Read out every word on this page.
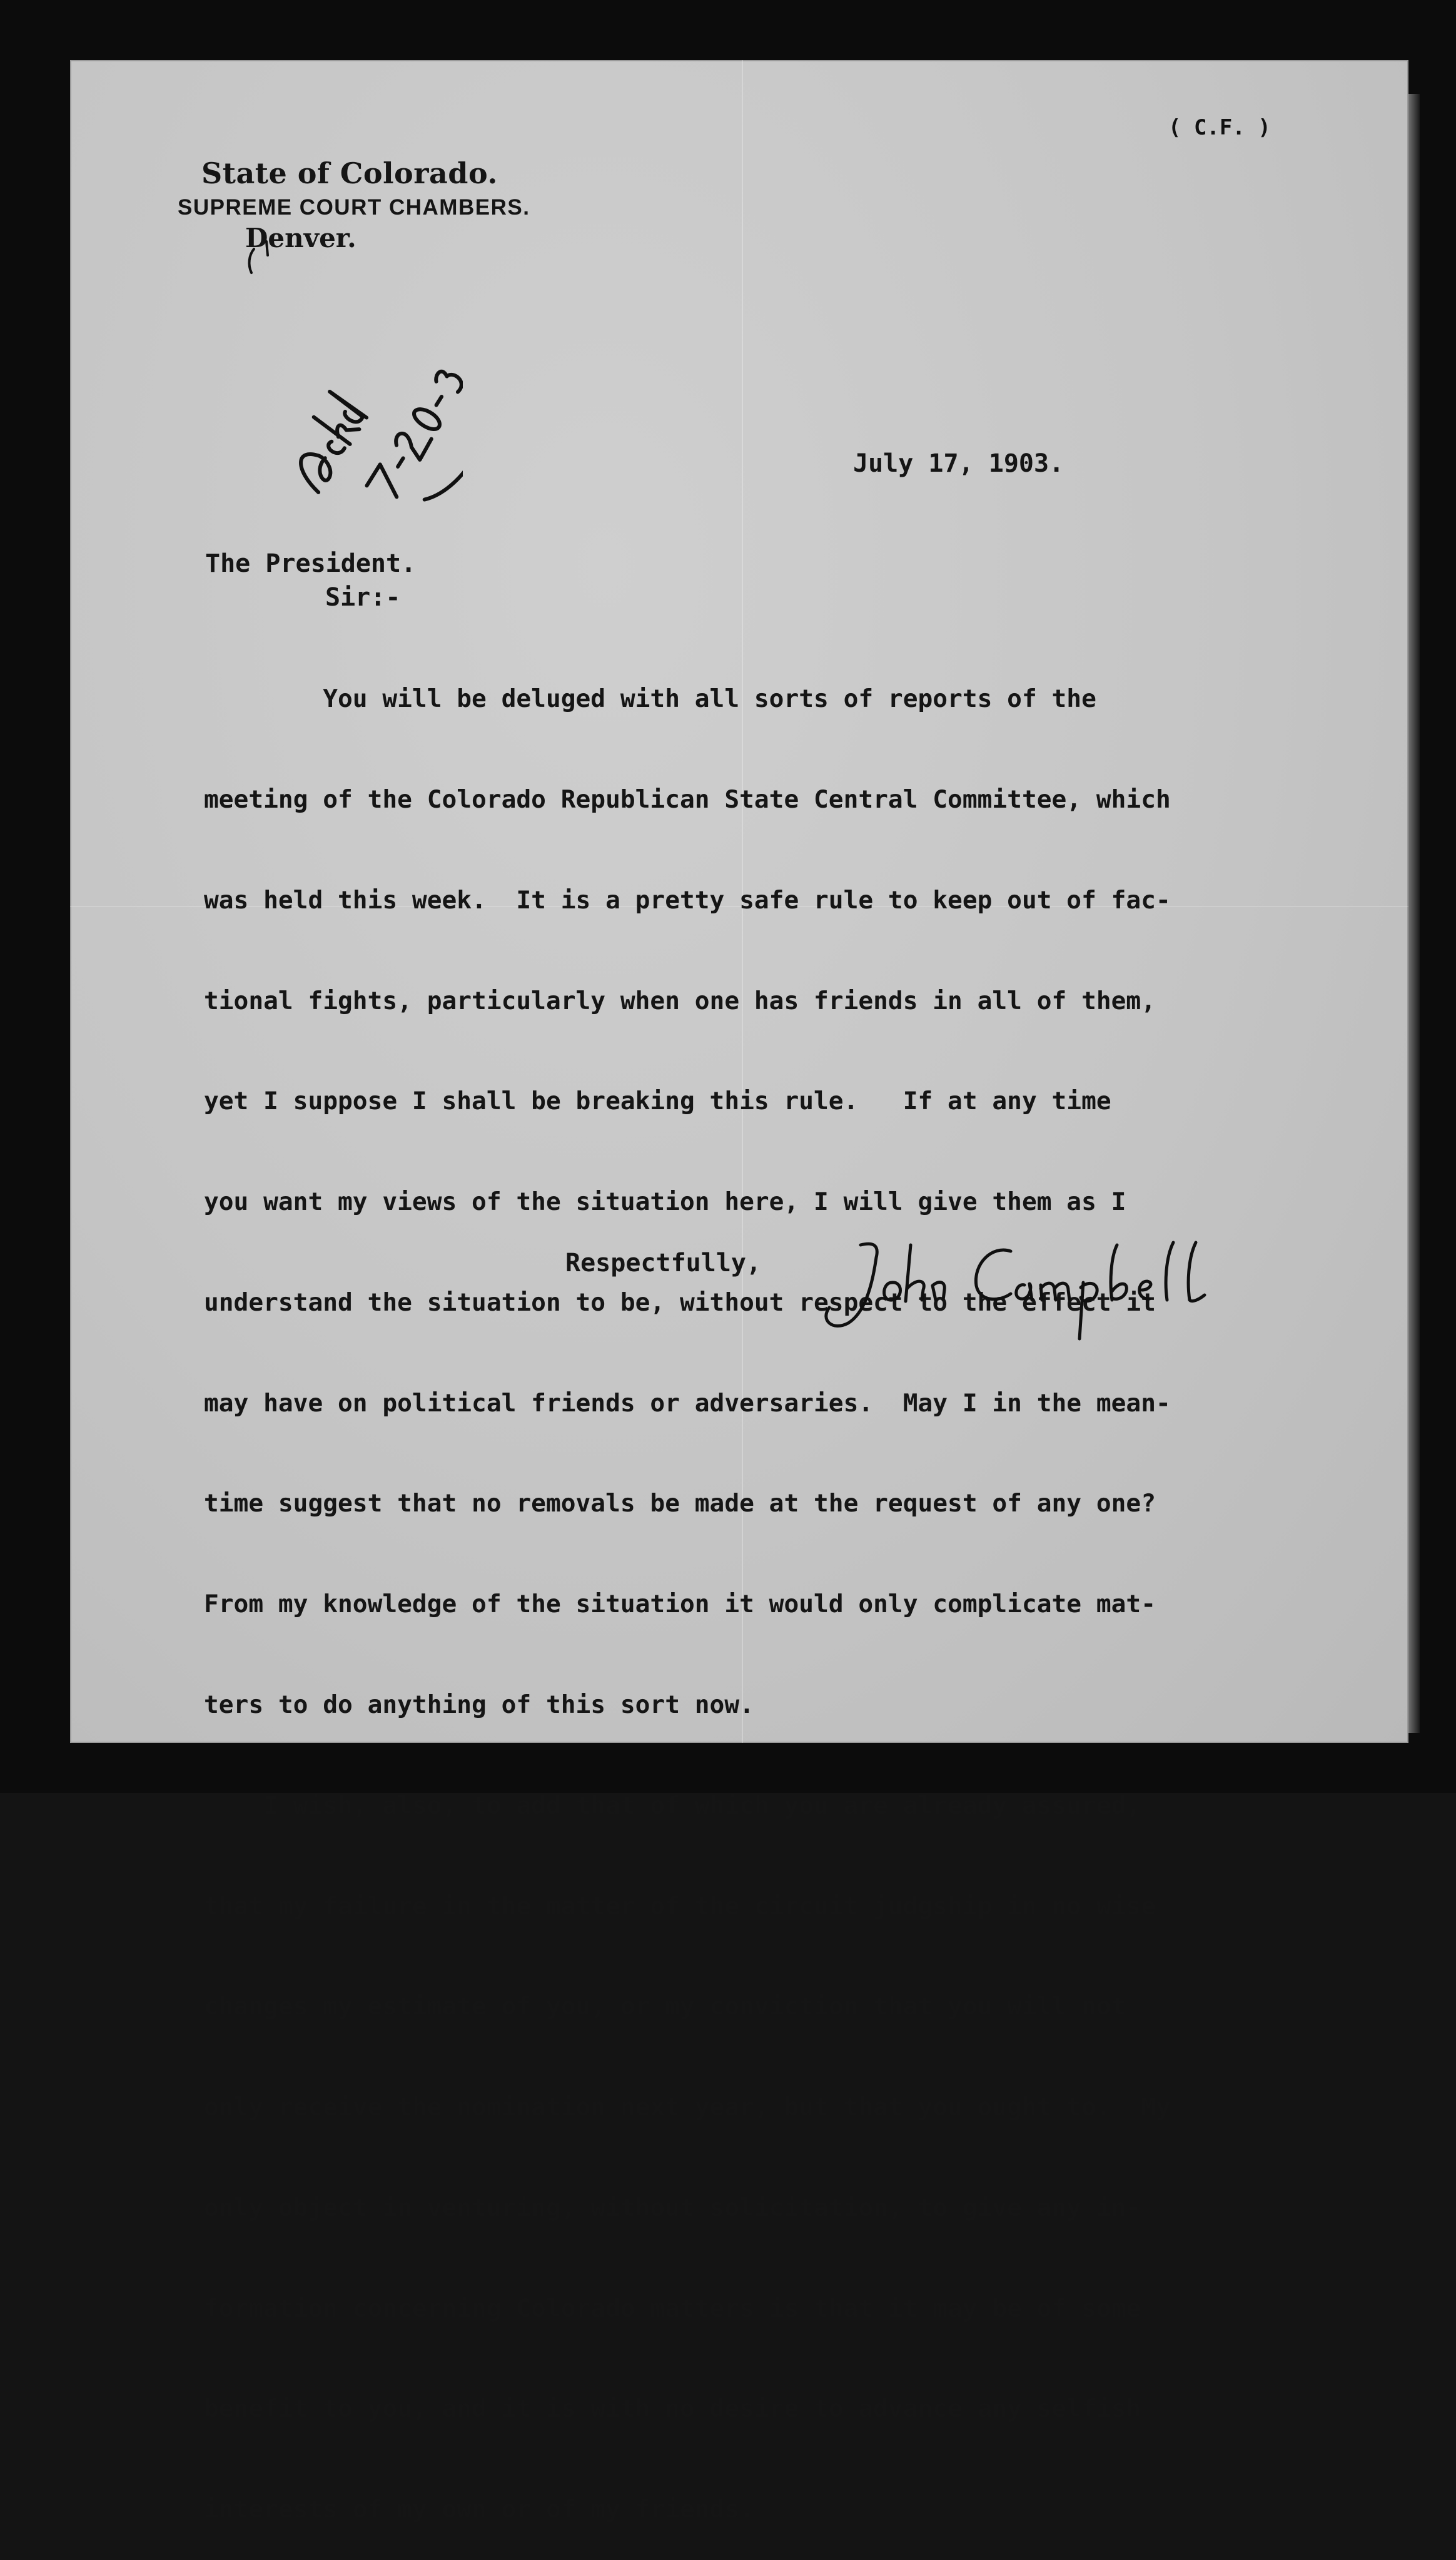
( C.F. )
State of Colorado.
SUPREME COURT CHAMBERS.
Denver.
July 17, 1903.
The President.
Sir:-

You will be deluged with all sorts of reports of the

meeting of the Colorado Republican State Central Committee, which

was held this week.  It is a pretty safe rule to keep out of fac-

tional fights, particularly when one has friends in all of them,

yet I suppose I shall be breaking this rule.   If at any time

you want my views of the situation here, I will give them as I

understand the situation to be, without respect to the effect it

may have on political friends or adversaries.  May I in the mean-

time suggest that no removals be made at the request of any one?

From my knowledge of the situation it would only complicate mat-

ters to do anything of this sort now.

I wish, also, to add that of which you are already assured,

that my failure in the matter of the circuit judgship in no wise

changes my estimate of you, or my conviction that you will not

only receive the nomination next year, but that you ought to.  My

only object in venturing, without solicitation, to give any in-

formation concerning Colorado matters is that it may be of some

benefit to you, and it is with no desire to advance any selfish

interests of my own or of my friends.

Respectfully,
